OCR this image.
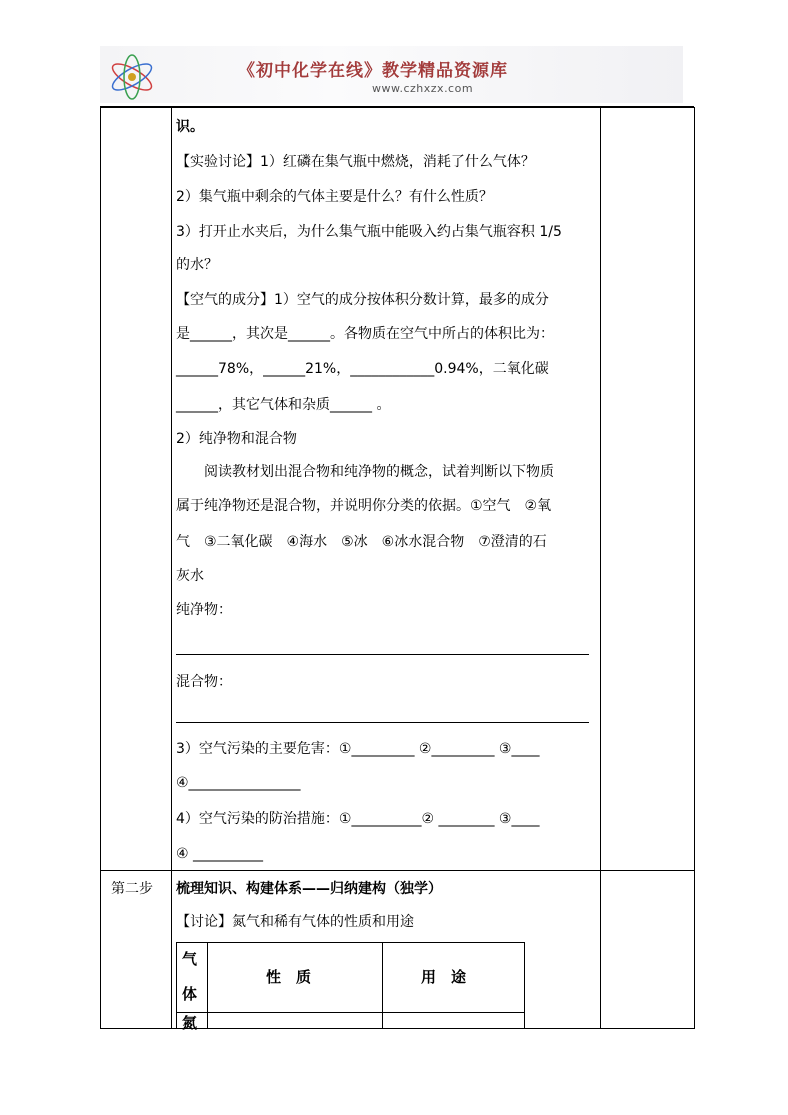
《初中化学在线》教学精品资源库
www.czhxzx.com
识。
【实验讨论】1）红磷在集气瓶中燃烧，消耗了什么气体？
2）集气瓶中剩余的气体主要是什么？有什么性质？
3）打开止水夹后，为什么集气瓶中能吸入约占集气瓶容积 1/5
的水？
【空气的成分】1）空气的成分按体积分数计算，最多的成分
是______，其次是______。各物质在空气中所占的体积比为：
______78%，______21%，____________0.94%，二氧化碳
______，其它气体和杂质______ 。
2）纯净物和混合物
　　阅读教材划出混合物和纯净物的概念，试着判断以下物质
属于纯净物还是混合物，并说明你分类的依据。①空气　②氧
气　③二氧化碳　④海水　⑤冰　⑥冰水混合物　⑦澄清的石
灰水
纯净物：
混合物：
3）空气污染的主要危害：①_________ ②_________ ③____
④________________
4）空气污染的防治措施：①__________② ________ ③____
④ __________
第二步 梳理知识、构建体系——归纳建构（独学）
【讨论】氮气和稀有气体的性质和用途
气
体
性　质	用　途
氮
